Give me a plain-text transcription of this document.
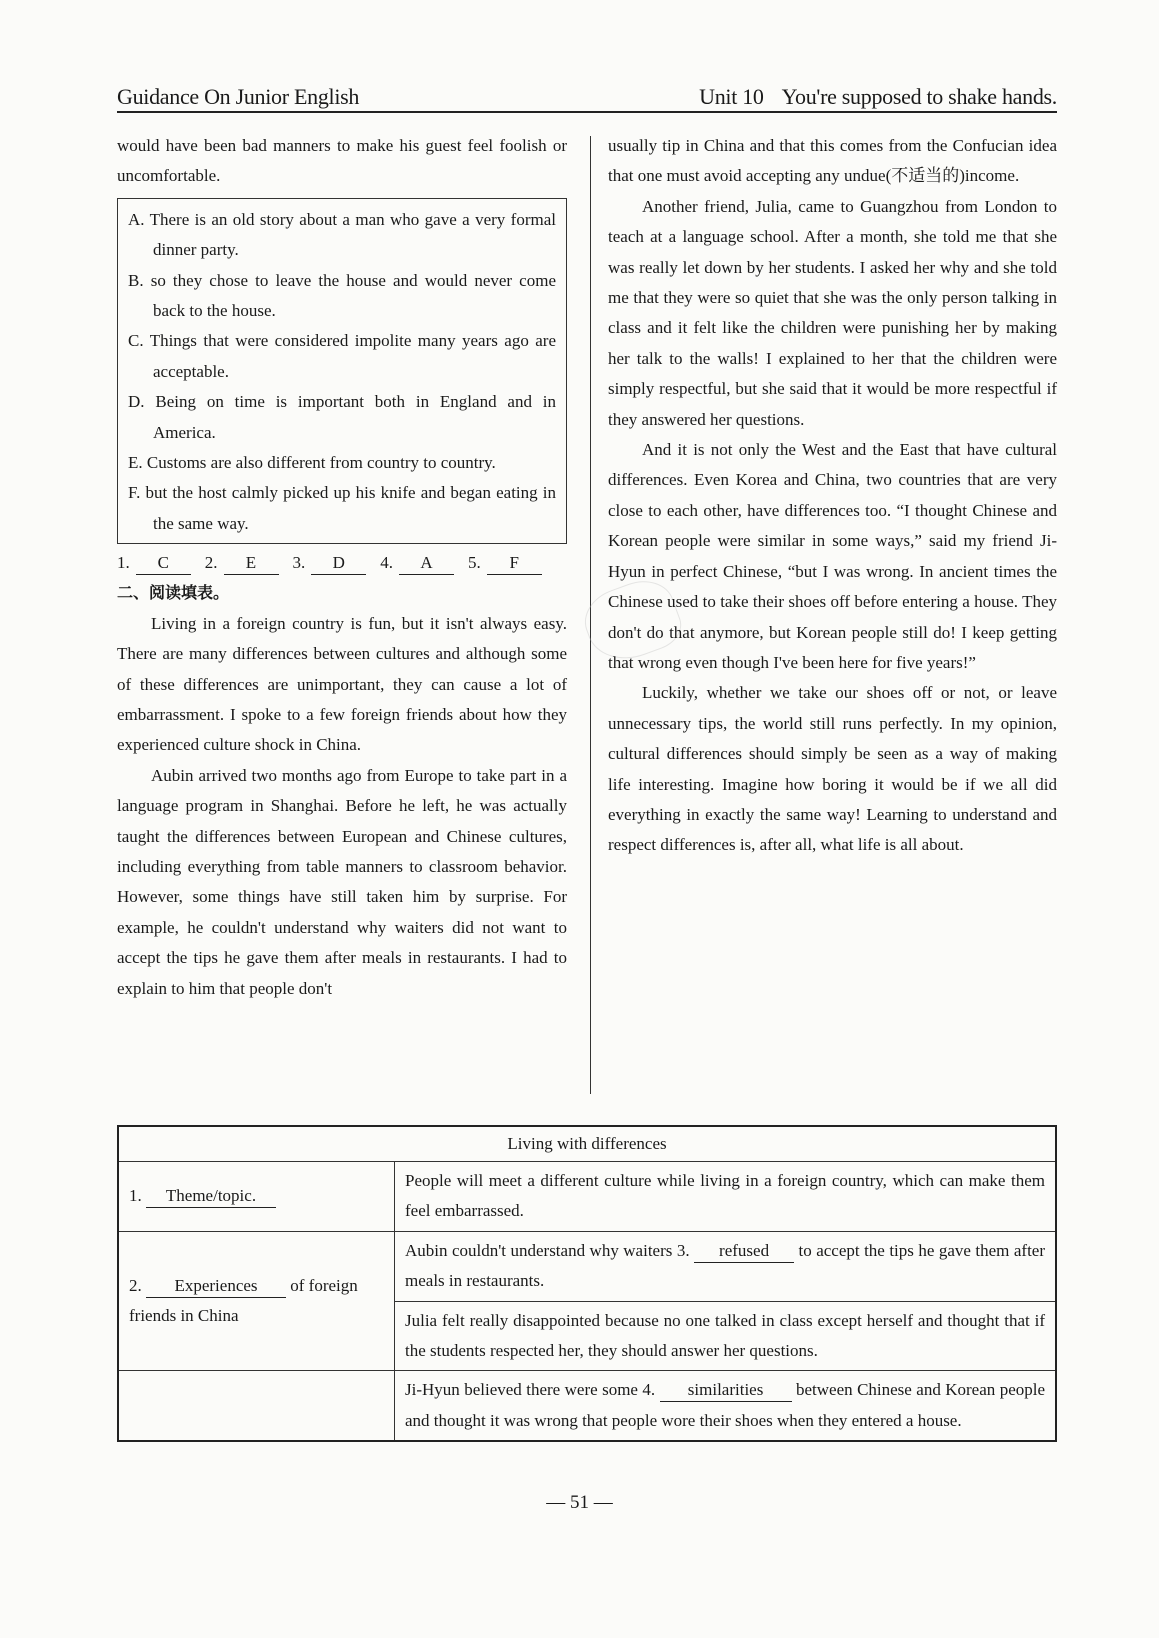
Guidance On Junior English	Unit 10 You're supposed to shake hands.

would have been bad manners to make his guest feel foolish or uncomfortable.

A. There is an old story about a man who gave a very formal dinner party.

B. so they chose to leave the house and would never come back to the house.

C. Things that were considered impolite many years ago are acceptable.

D. Being on time is important both in England and in America.

E. Customs are also different from country to country.

F. but the host calmly picked up his knife and began eating in the same way.

1.	C	2.	E	3.	D	4.	A	5.	F

二、阅读填表。

Living in a foreign country is fun, but it isn't always easy. There are many differences between cultures and although some of these differences are unimportant, they can cause a lot of embarrassment. I spoke to a few foreign friends about how they experienced culture shock in China.

Aubin arrived two months ago from Europe to take part in a language program in Shanghai. Before he left, he was actually taught the differences between European and Chinese cultures, including everything from table manners to classroom behavior. However, some things have still taken him by surprise. For example, he couldn't understand why waiters did not want to accept the tips he gave them after meals in restaurants. I had to explain to him that people don't

usually tip in China and that this comes from the Confucian idea that one must avoid accepting any undue(不适当的)income.

Another friend, Julia, came to Guangzhou from London to teach at a language school. After a month, she told me that she was really let down by her students. I asked her why and she told me that they were so quiet that she was the only person talking in class and it felt like the children were punishing her by making her talk to the walls! I explained to her that the children were simply respectful, but she said that it would be more respectful if they answered her questions.

And it is not only the West and the East that have cultural differences. Even Korea and China, two countries that are very close to each other, have differences too. “I thought Chinese and Korean people were similar in some ways,” said my friend Ji-Hyun in perfect Chinese, “but I was wrong. In ancient times the Chinese used to take their shoes off before entering a house. They don't do that anymore, but Korean people still do! I keep getting that wrong even though I've been here for five years!”

Luckily, whether we take our shoes off or not, or leave unnecessary tips, the world still runs perfectly. In my opinion, cultural differences should simply be seen as a way of making life interesting. Imagine how boring it would be if we all did everything in exactly the same way! Learning to understand and respect differences is, after all, what life is all about.

Living with differences	
1. Theme/topic.	People will meet a different culture while living in a foreign country, which can make them feel embarrassed.
2. Experiences of foreign friends in China	Aubin couldn't understand why waiters 3. refused to accept the tips he gave them after meals in restaurants.
	Julia felt really disappointed because no one talked in class except herself and thought that if the students respected her, they should answer her questions.
	Ji-Hyun believed there were some 4. similarities between Chinese and Korean people and thought it was wrong that people wore their shoes when they entered a house.
— 51 —
